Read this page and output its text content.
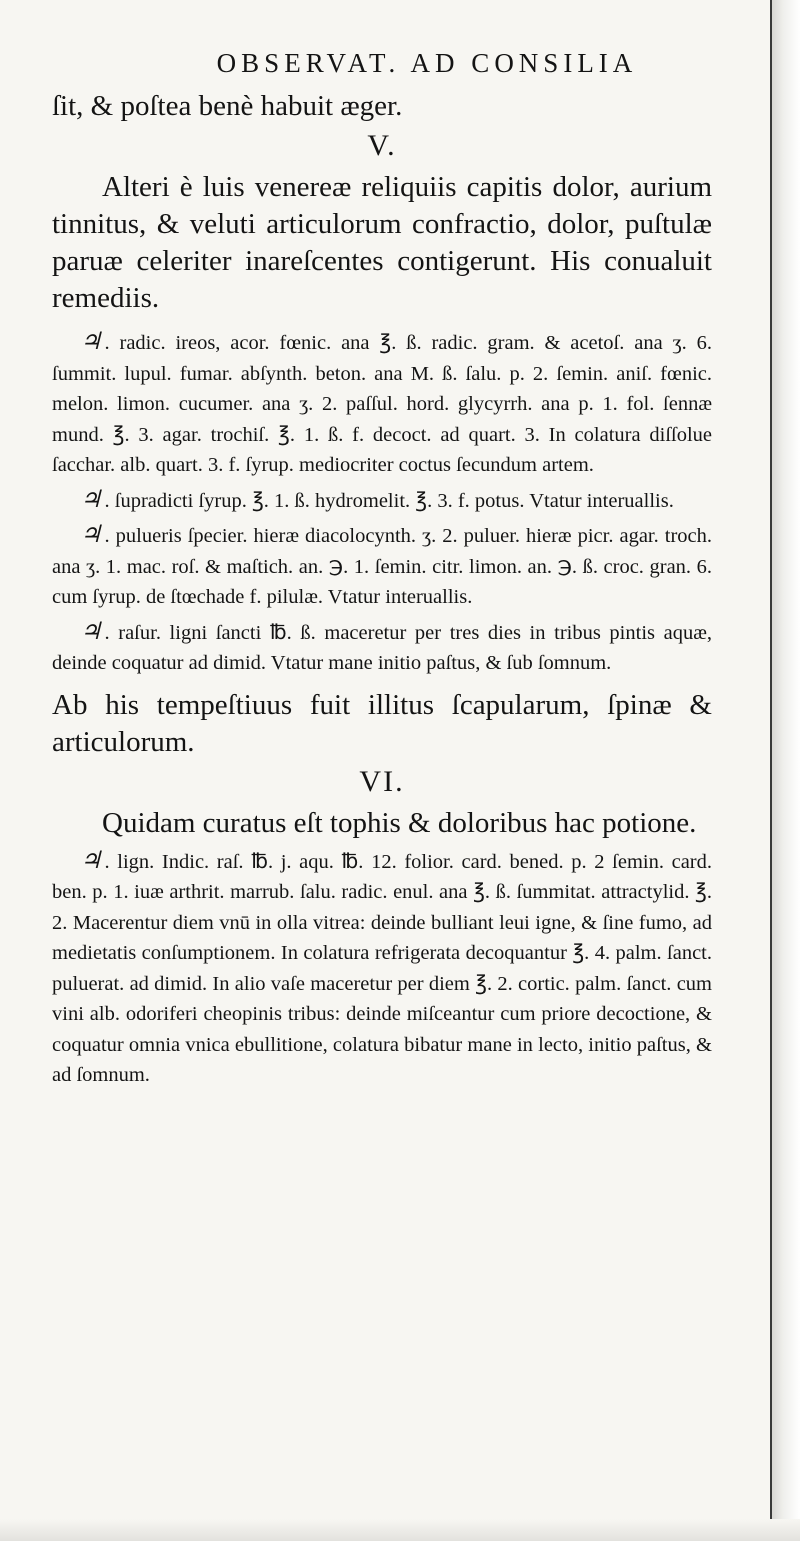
OBSERVAT. AD CONSILIA

ſit, & poſtea benè habuit æger.

V.

Alteri è luis venereæ reliquiis capitis dolor, aurium tinnitus, & veluti articulorum confractio, dolor, puſtulæ paruæ celeriter inareſcentes contigerunt. His conualuit remediis.

♃ . radic. ireos, acor. fœnic. ana ℥. ß. radic. gram. & acetoſ. ana ʒ. 6. ſummit. lupul. fumar. abſynth. beton. ana M. ß. ſalu. p. 2. ſemin. aniſ. fœnic. melon. limon. cucumer. ana ʒ. 2. paſſul. hord. glycyrrh. ana p. 1. fol. ſennæ mund. ℥. 3. agar. trochiſ. ℥. 1. ß. f. decoct. ad quart. 3. In colatura diſſolue ſacchar. alb. quart. 3. f. ſyrup. mediocriter coctus ſecundum artem.

♃ . ſupradicti ſyrup. ℥. 1. ß. hydromelit. ℥. 3. f. potus. Vtatur interuallis.

♃ . pulueris ſpecier. hieræ diacolocynth. ʒ. 2. puluer. hieræ picr. agar. troch. ana ʒ. 1. mac. roſ. & maſtich. an. ℈. 1. ſemin. citr. limon. an. ℈. ß. croc. gran. 6. cum ſyrup. de ſtœchade f. pilulæ. Vtatur interuallis.

♃ . raſur. ligni ſancti ℔. ß. maceretur per tres dies in tribus pintis aquæ, deinde coquatur ad dimid. Vtatur mane initio paſtus, & ſub ſomnum.

Ab his tempeſtiuus fuit illitus ſcapularum, ſpinæ & articulorum.

VI.

Quidam curatus eſt tophis & doloribus hac potione.

♃ . lign. Indic. raſ. ℔. j. aqu. ℔. 12. folior. card. bened. p. 2 ſemin. card. ben. p. 1. iuæ arthrit. marrub. ſalu. radic. enul. ana ℥. ß. ſummitat. attractylid. ℥. 2. Macerentur diem vnū in olla vitrea: deinde bulliant leui igne, & ſine fumo, ad medietatis conſumptionem. In colatura refrigerata decoquantur ℥. 4. palm. ſanct. puluerat. ad dimid. In alio vaſe maceretur per diem ℥. 2. cortic. palm. ſanct. cum vini alb. odoriferi cheopinis tribus: deinde miſceantur cum priore decoctione, & coquatur omnia vnica ebullitione, colatura bibatur mane in lecto, initio paſtus, & ad ſomnum.
